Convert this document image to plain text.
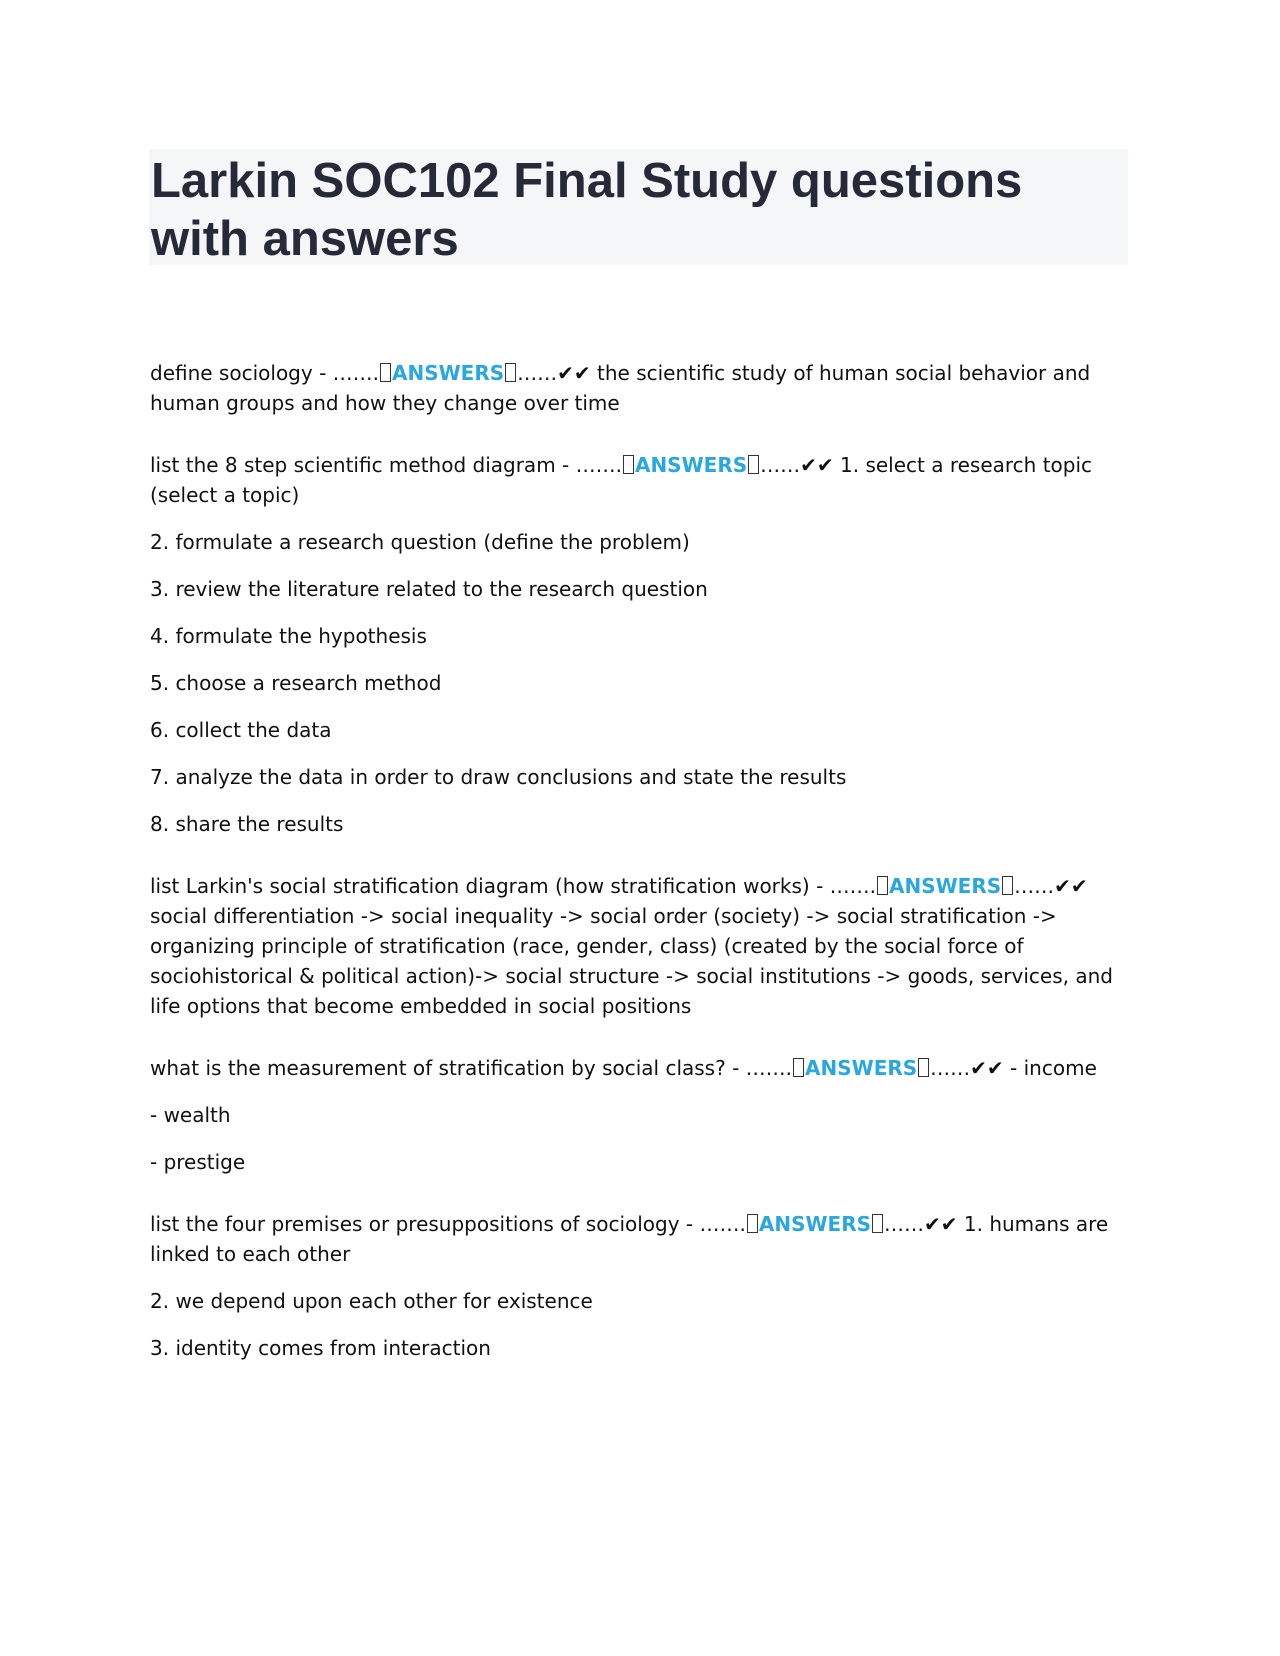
Larkin SOC102 Final Study questions with answers

define sociology - ……. ANSWERS ……✔✔ the scientific study of human social behavior and human groups and how they change over time

list the 8 step scientific method diagram - ……. ANSWERS ……✔✔ 1. select a research topic (select a topic)

2. formulate a research question (define the problem)

3. review the literature related to the research question

4. formulate the hypothesis

5. choose a research method

6. collect the data

7. analyze the data in order to draw conclusions and state the results

8. share the results

list Larkin's social stratification diagram (how stratification works) - ……. ANSWERS ……✔✔ social differentiation -> social inequality -> social order (society) -> social stratification -> organizing principle of stratification (race, gender, class) (created by the social force of sociohistorical & political action)-> social structure -> social institutions -> goods, services, and life options that become embedded in social positions

what is the measurement of stratification by social class? - ……. ANSWERS ……✔✔ - income

- wealth

- prestige

list the four premises or presuppositions of sociology - ……. ANSWERS ……✔✔ 1. humans are linked to each other

2. we depend upon each other for existence

3. identity comes from interaction
